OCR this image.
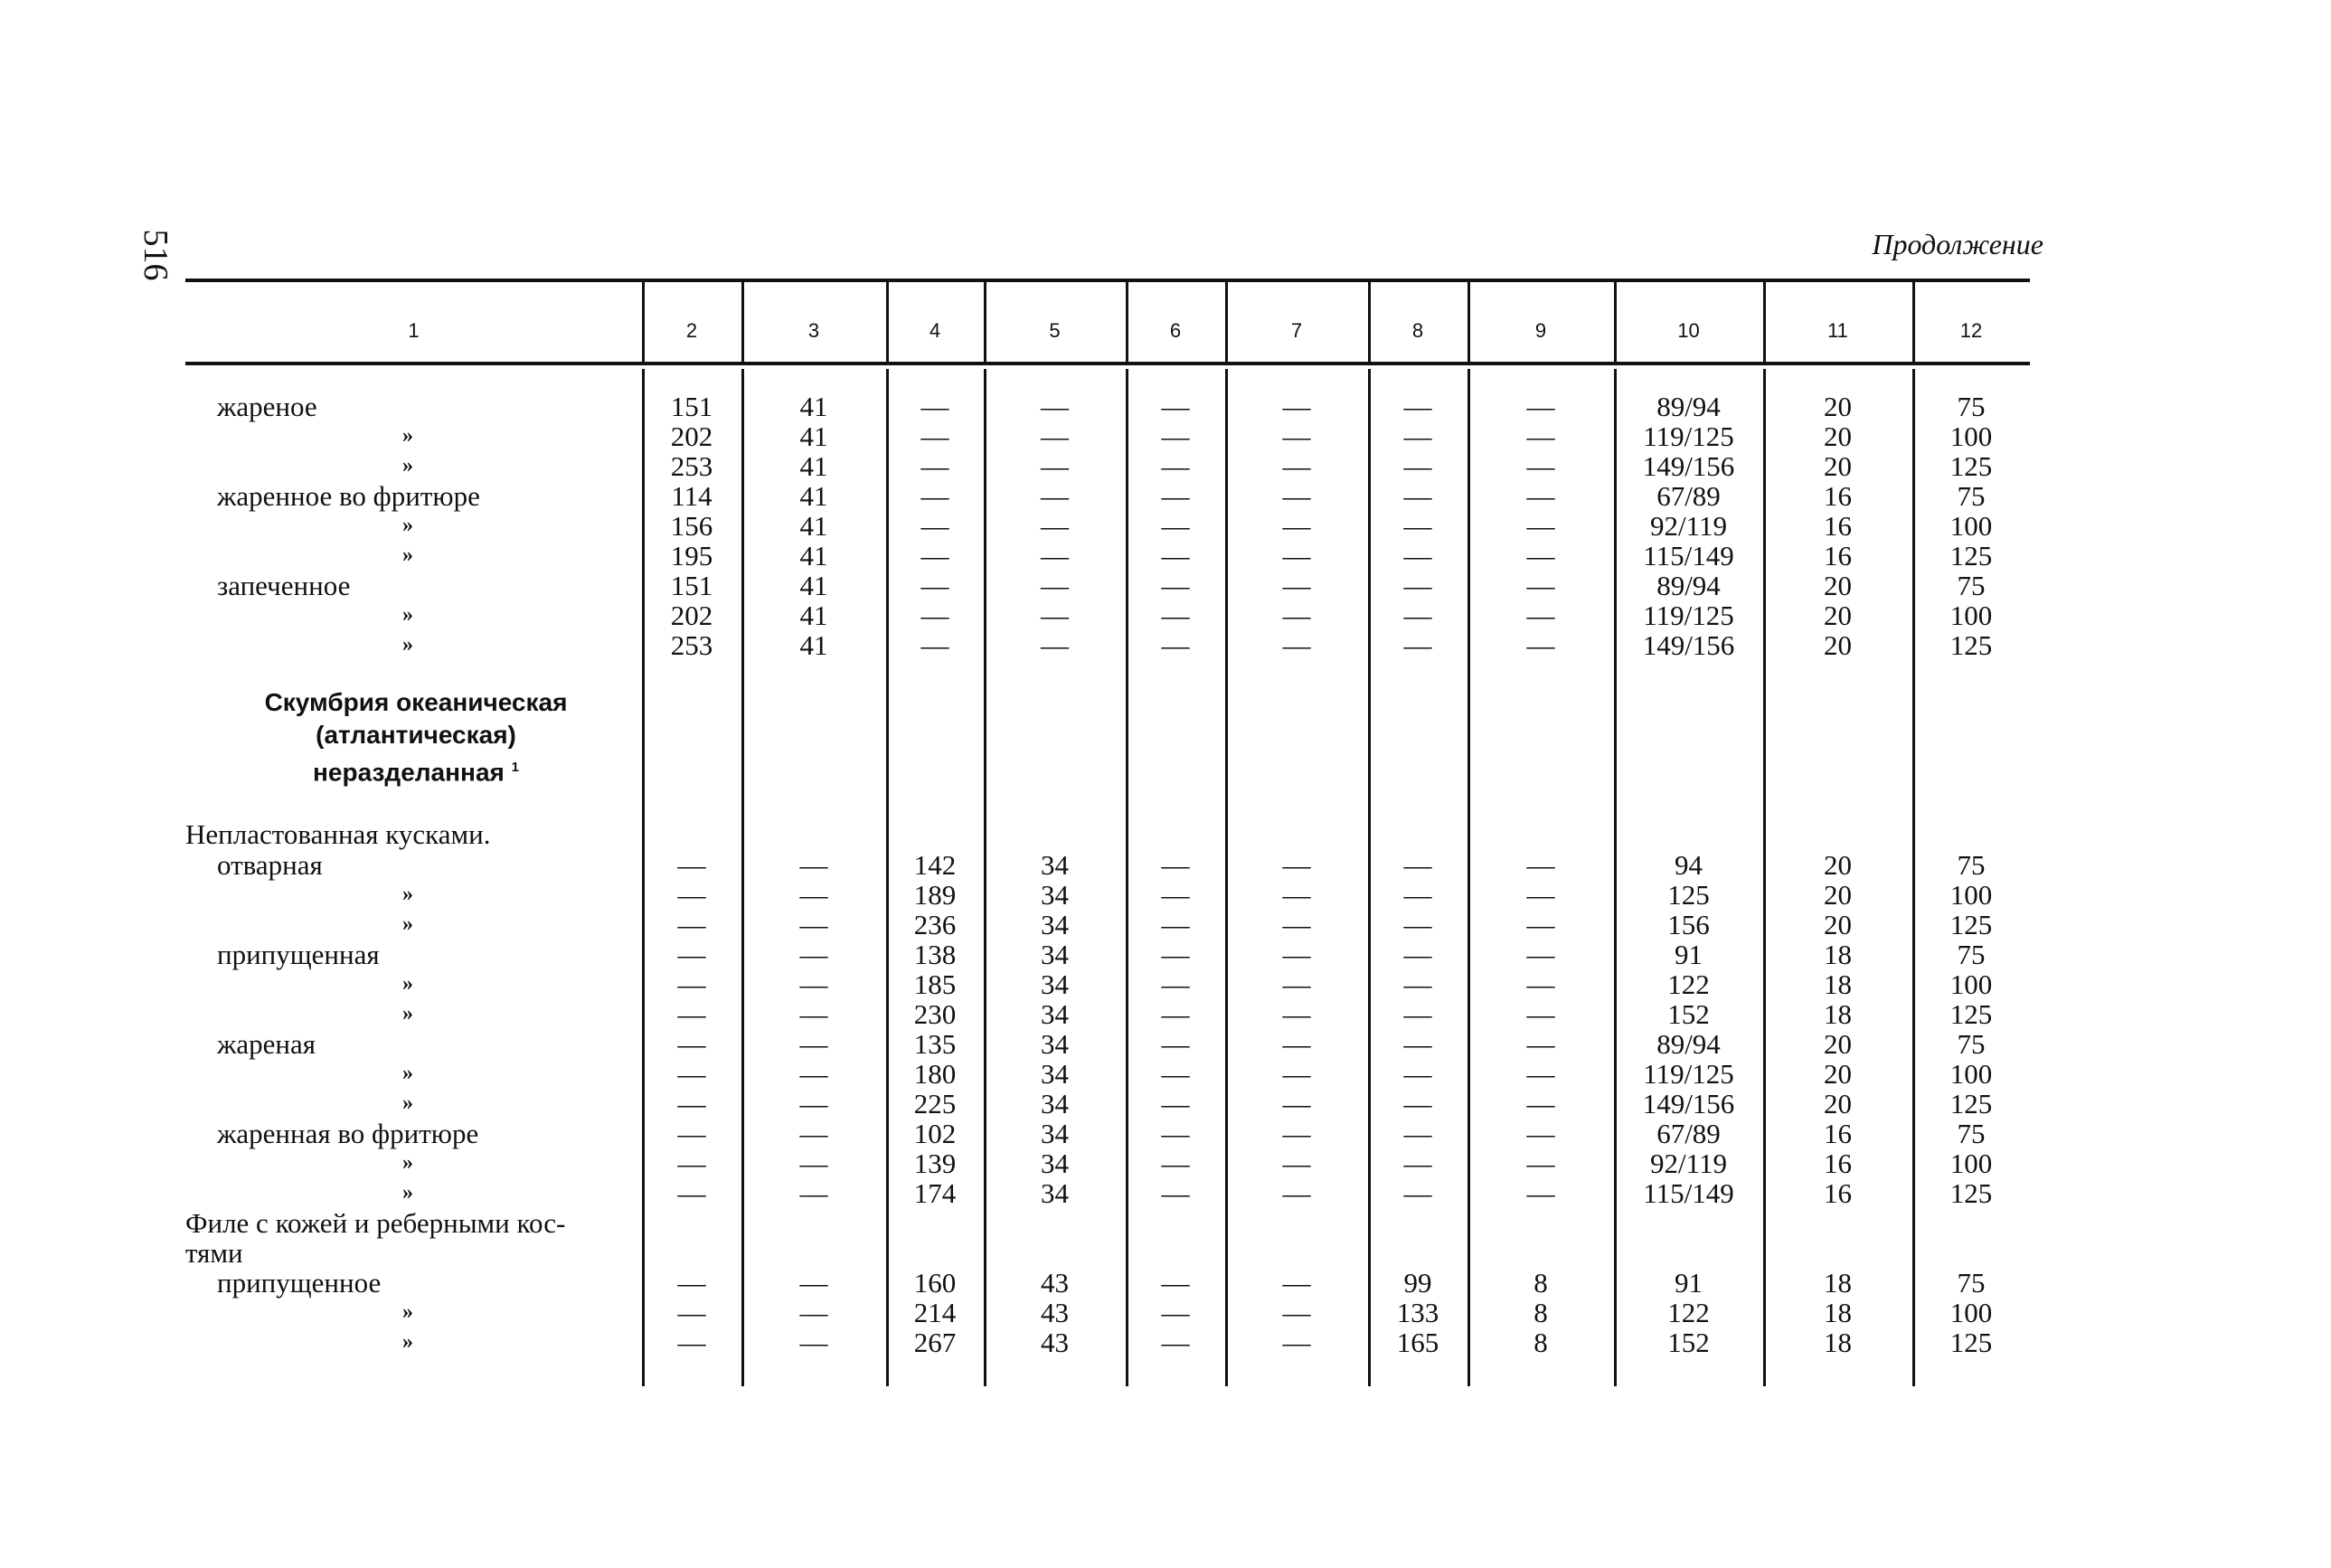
516	Продолжение
1	2	3	4	5	6	7	8	9	10	11	12
Скумбрия океаническая
(атлантическая)
неразделанная $^1$
жареное	151	41	—	—	—	—	—	—	89/94	20	75
»	202	41	—	—	—	—	—	—	119/125	20	100
»	253	41	—	—	—	—	—	—	149/156	20	125
жаренное во фритюре	114	41	—	—	—	—	—	—	67/89	16	75
»	156	41	—	—	—	—	—	—	92/119	16	100
»	195	41	—	—	—	—	—	—	115/149	16	125
запеченное	151	41	—	—	—	—	—	—	89/94	20	75
»	202	41	—	—	—	—	—	—	119/125	20	100
»	253	41	—	—	—	—	—	—	149/156	20	125
Непластованная кусками.
отварная	—	—	142	34	—	—	—	—	94	20	75
»	—	—	189	34	—	—	—	—	125	20	100
»	—	—	236	34	—	—	—	—	156	20	125
припущенная	—	—	138	34	—	—	—	—	91	18	75
»	—	—	185	34	—	—	—	—	122	18	100
»	—	—	230	34	—	—	—	—	152	18	125
жареная	—	—	135	34	—	—	—	—	89/94	20	75
»	—	—	180	34	—	—	—	—	119/125	20	100
»	—	—	225	34	—	—	—	—	149/156	20	125
жаренная во фритюре	—	—	102	34	—	—	—	—	67/89	16	75
»	—	—	139	34	—	—	—	—	92/119	16	100
»	—	—	174	34	—	—	—	—	115/149	16	125
Филе с кожей и реберными кос-
тями
припущенное	—	—	160	43	—	—	99	8	91	18	75
»	—	—	214	43	—	—	133	8	122	18	100
»	—	—	267	43	—	—	165	8	152	18	125
